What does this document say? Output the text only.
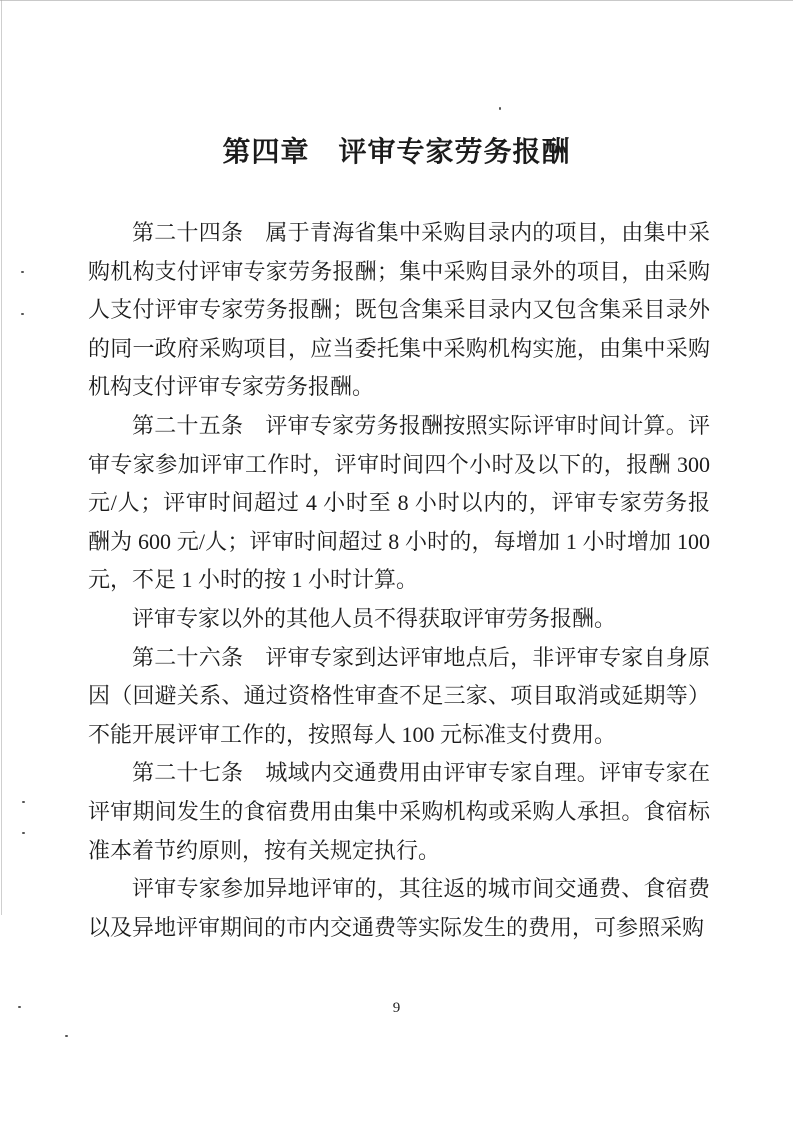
第四章　评审专家劳务报酬

第二十四条　属于青海省集中采购目录内的项目，由集中采购机构支付评审专家劳务报酬；集中采购目录外的项目，由采购人支付评审专家劳务报酬；既包含集采目录内又包含集采目录外的同一政府采购项目，应当委托集中采购机构实施，由集中采购机构支付评审专家劳务报酬。

第二十五条　评审专家劳务报酬按照实际评审时间计算。评审专家参加评审工作时，评审时间四个小时及以下的，报酬 300 元/人；评审时间超过 4 小时至 8 小时以内的，评审专家劳务报酬为 600 元/人；评审时间超过 8 小时的，每增加 1 小时增加 100 元，不足 1 小时的按 1 小时计算。

评审专家以外的其他人员不得获取评审劳务报酬。

第二十六条　评审专家到达评审地点后，非评审专家自身原因（回避关系、通过资格性审查不足三家、项目取消或延期等）不能开展评审工作的，按照每人 100 元标准支付费用。

第二十七条　城域内交通费用由评审专家自理。评审专家在评审期间发生的食宿费用由集中采购机构或采购人承担。食宿标准本着节约原则，按有关规定执行。

评审专家参加异地评审的，其往返的城市间交通费、食宿费以及异地评审期间的市内交通费等实际发生的费用，可参照采购

9
